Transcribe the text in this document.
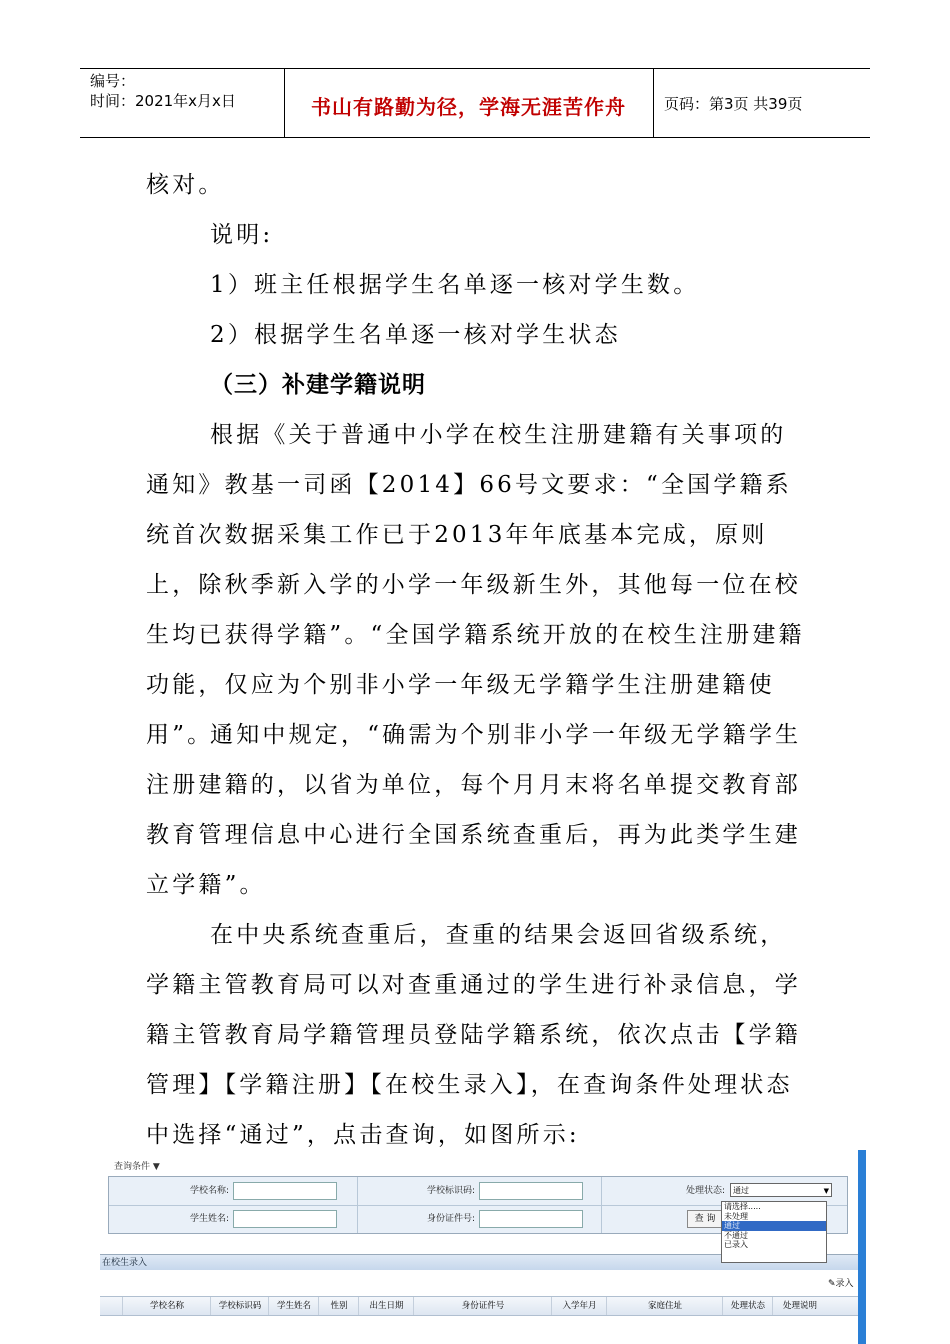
编号：
时间：2021年x月x日	书山有路勤为径，学海无涯苦作舟	页码：第3页 共39页

核对。

说明:

1）班主任根据学生名单逐一核对学生数。

2）根据学生名单逐一核对学生状态

（三）补建学籍说明

根据《关于普通中小学在校生注册建籍有关事项的通知》教基一司函【2014】66号文要求：“全国学籍系统首次数据采集工作已于2013年年底基本完成，原则上，除秋季新入学的小学一年级新生外，其他每一位在校生均已获得学籍”。“全国学籍系统开放的在校生注册建籍功能，仅应为个别非小学一年级无学籍学生注册建籍使用”。

通知中规定，“确需为个别非小学一年级无学籍学生注册建籍的，以省为单位，每个月月末将名单提交教育部教育管理信息中心进行全国系统查重后，再为此类学生建立学籍”。

在中央系统查重后，查重的结果会返回省级系统，学籍主管教育局可以对查重通过的学生进行补录信息，学籍主管教育局学籍管理员登陆学籍系统，依次点击【学籍管理】【学籍注册】【在校生录入】，在查询条件处理状态中选择“通过”，点击查询，如图所示:

查询条件 ▼
学校名称:	学校标识码:	处理状态:	通过	▼
学生姓名:	身份证件号:	查 询
在校生录入
✎录入
学校名称	学校标识码	学生姓名	性别	出生日期	身份证件号	入学年月	家庭住址	处理状态	处理说明
请选择.....
未处理
通过
不通过
已录入
